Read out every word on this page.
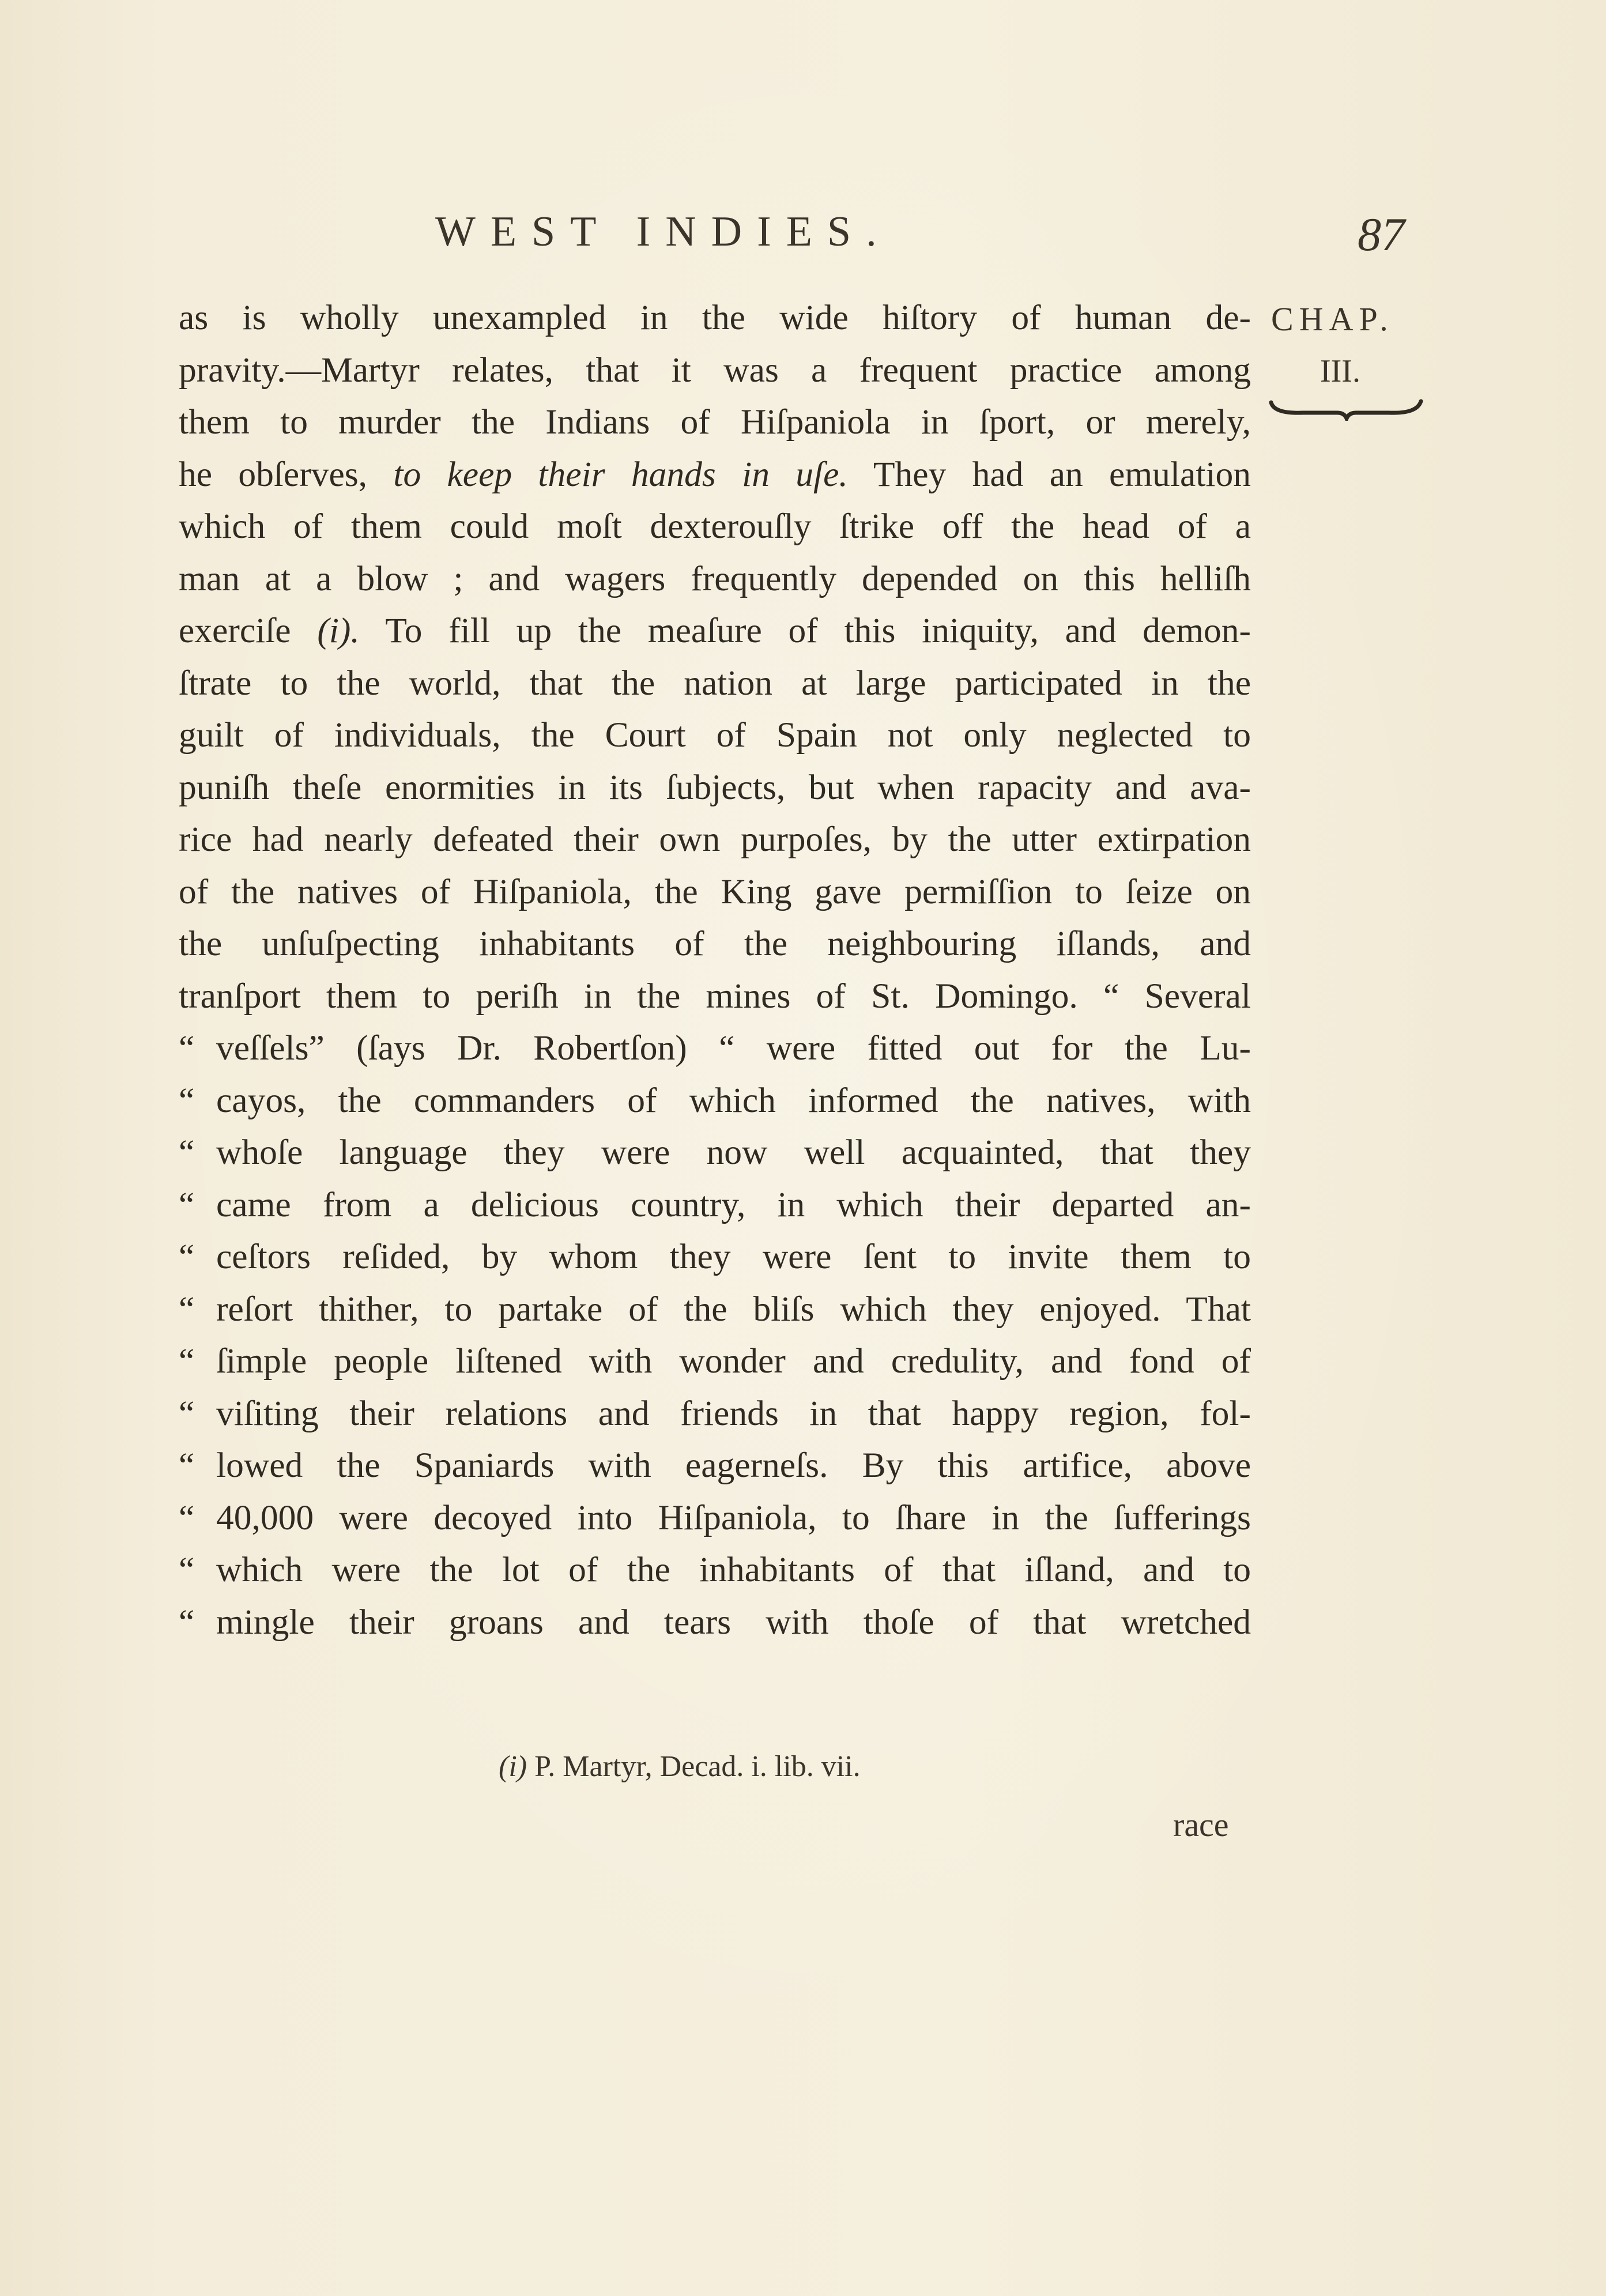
WEST INDIES.	87
CHAP.
III.
as is wholly unexampled in the wide hiſtory of human de-
pravity.—Martyr relates, that it was a frequent practice among
them to murder the Indians of Hiſpaniola in ſport, or merely,
he obſerves, to keep their hands in uſe. They had an emulation
which of them could moſt dexterouſly ſtrike off the head of a
man at a blow ; and wagers frequently depended on this helliſh
exerciſe (i). To fill up the meaſure of this iniquity, and demon-
ſtrate to the world, that the nation at large participated in the
guilt of individuals, the Court of Spain not only neglected to
puniſh theſe enormities in its ſubjects, but when rapacity and ava-
rice had nearly defeated their own purpoſes, by the utter extirpation
of the natives of Hiſpaniola, the King gave permiſſion to ſeize on
the unſuſpecting inhabitants of the neighbouring iſlands, and
tranſport them to periſh in the mines of St. Domingo. “ Several
“ veſſels” (ſays Dr. Robertſon) “ were fitted out for the Lu-
“ cayos, the commanders of which informed the natives, with
“ whoſe language they were now well acquainted, that they
“ came from a delicious country, in which their departed an-
“ ceſtors reſided, by whom they were ſent to invite them to
“ reſort thither, to partake of the bliſs which they enjoyed. That
“ ſimple people liſtened with wonder and credulity, and fond of
“ viſiting their relations and friends in that happy region, fol-
“ lowed the Spaniards with eagerneſs. By this artifice, above
“ 40,000 were decoyed into Hiſpaniola, to ſhare in the ſufferings
“ which were the lot of the inhabitants of that iſland, and to
“ mingle their groans and tears with thoſe of that wretched
(i) P. Martyr, Decad. i. lib. vii.
race
